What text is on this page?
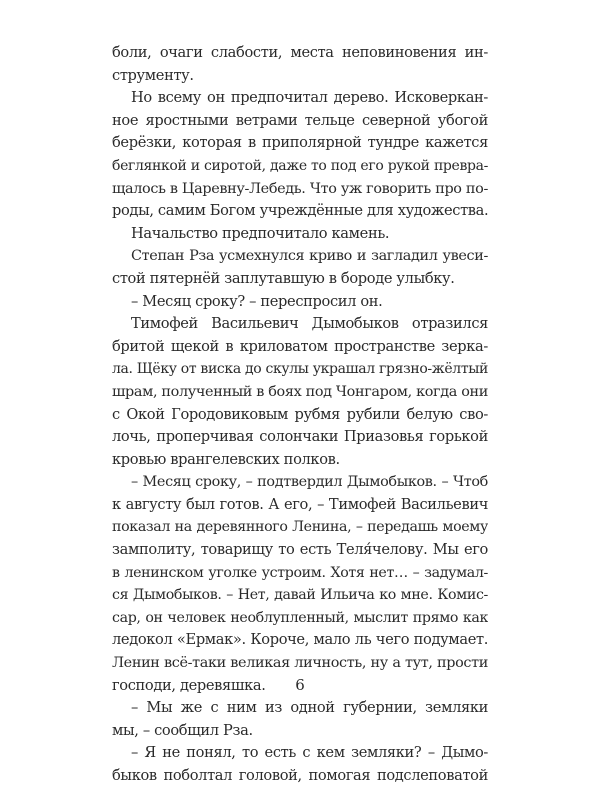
боли, очаги слабости, места неповиновения ин-
струменту.
Но всему он предпочитал дерево. Исковеркан-
ное яростными ветрами тельце северной убогой
берёзки, которая в приполярной тундре кажется
беглянкой и сиротой, даже то под его рукой превра-
щалось в Царевну-Лебедь. Что уж говорить про по-
роды, самим Богом учреждённые для художества.
Начальство предпочитало камень.
Степан Рза усмехнулся криво и загладил увеси-
стой пятернёй заплутавшую в бороде улыбку.
– Месяц сроку? – переспросил он.
Тимофей Васильевич Дымобыков отразился
бритой щекой в криловатом пространстве зерка-
ла. Щёку от виска до скулы украшал грязно-жёлтый
шрам, полученный в боях под Чонгаром, когда они
с Окой Городовиковым рубмя рубили белую сво-
лочь, проперчивая солончаки Приазовья горькой
кровью врангелевских полков.
– Месяц сроку, – подтвердил Дымобыков. – Чтоб
к августу был готов. А его, – Тимофей Васильевич
показал на деревянного Ленина, – передашь моему
замполиту, товарищу то есть Теля́челову. Мы его
в ленинском уголке устроим. Хотя нет… – задумал-
ся Дымобыков. – Нет, давай Ильича ко мне. Комис-
сар, он человек необлупленный, мыслит прямо как
ледокол «Ермак». Короче, мало ль чего подумает.
Ленин всё-таки великая личность, ну а тут, прости
господи, деревяшка.
– Мы же с ним из одной губернии, земляки
мы, – сообщил Рза.
– Я не понял, то есть с кем земляки? – Дымо-
быков поболтал головой, помогая подслеповатой
6
